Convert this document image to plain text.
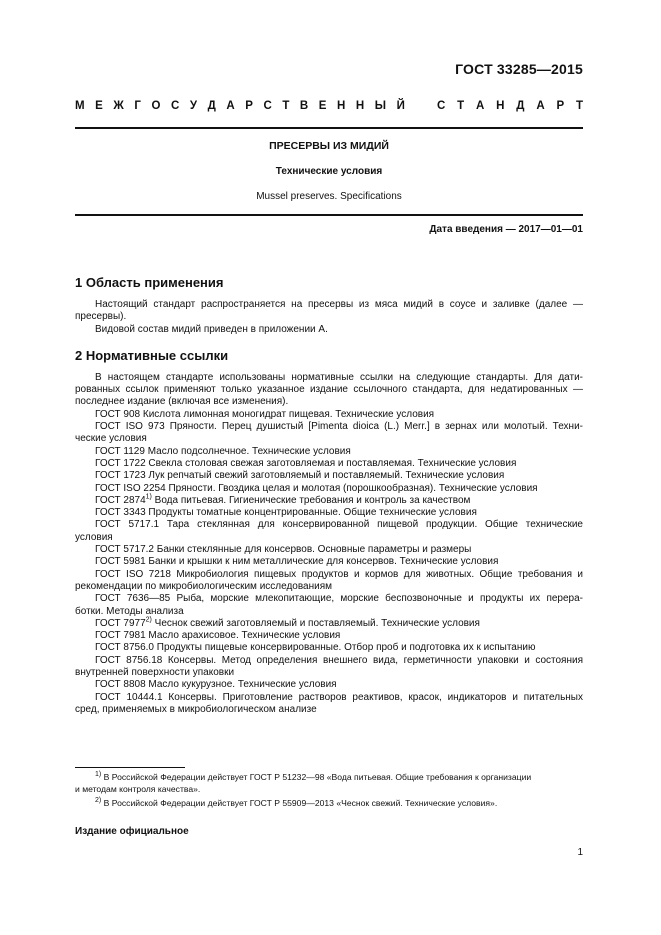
ГОСТ 33285—2015
М Е Ж Г О С У Д А Р С Т В Е Н Н Ы Й	С Т А Н Д А Р Т
ПРЕСЕРВЫ ИЗ МИДИЙ
Технические условия
Mussel preserves. Specifications
Дата введения — 2017—01—01
1 Область применения
Настоящий стандарт распространяется на пресервы из мяса мидий в соусе и заливке (далее —
пресервы).
Видовой состав мидий приведен в приложении А.
2 Нормативные ссылки
В настоящем стандарте использованы нормативные ссылки на следующие стандарты. Для дати-
рованных ссылок применяют только указанное издание ссылочного стандарта, для недатированных —
последнее издание (включая все изменения).
ГОСТ 908 Кислота лимонная моногидрат пищевая. Технические условия
ГОСТ ISO 973 Пряности. Перец душистый [Pimenta dioica (L.) Merr.] в зернах или молотый. Техни-
ческие условия
ГОСТ 1129 Масло подсолнечное. Технические условия
ГОСТ 1722 Свекла столовая свежая заготовляемая и поставляемая. Технические условия
ГОСТ 1723 Лук репчатый свежий заготовляемый и поставляемый. Технические условия
ГОСТ ISO 2254 Пряности. Гвоздика целая и молотая (порошкообразная). Технические условия
ГОСТ 2874$^{1)}$ Вода питьевая. Гигиенические требования и контроль за качеством
ГОСТ 3343 Продукты томатные концентрированные. Общие технические условия
ГОСТ 5717.1 Тара стеклянная для консервированной пищевой продукции. Общие технические
условия
ГОСТ 5717.2 Банки стеклянные для консервов. Основные параметры и размеры
ГОСТ 5981 Банки и крышки к ним металлические для консервов. Технические условия
ГОСТ ISO 7218 Микробиология пищевых продуктов и кормов для животных. Общие требования и
рекомендации по микробиологическим исследованиям
ГОСТ 7636—85 Рыба, морские млекопитающие, морские беспозвоночные и продукты их перера-
ботки. Методы анализа
ГОСТ 7977$^{2)}$ Чеснок свежий заготовляемый и поставляемый. Технические условия
ГОСТ 7981 Масло арахисовое. Технические условия
ГОСТ 8756.0 Продукты пищевые консервированные. Отбор проб и подготовка их к испытанию
ГОСТ 8756.18 Консервы. Метод определения внешнего вида, герметичности упаковки и состояния
внутренней поверхности упаковки
ГОСТ 8808 Масло кукурузное. Технические условия
ГОСТ 10444.1 Консервы. Приготовление растворов реактивов, красок, индикаторов и питательных
сред, применяемых в микробиологическом анализе
$^{1)}$ В Российской Федерации действует ГОСТ Р 51232—98 «Вода питьевая. Общие требования к организации
и методам контроля качества».
$^{2)}$ В Российской Федерации действует ГОСТ Р 55909—2013 «Чеснок свежий. Технические условия».
Издание официальное
1
